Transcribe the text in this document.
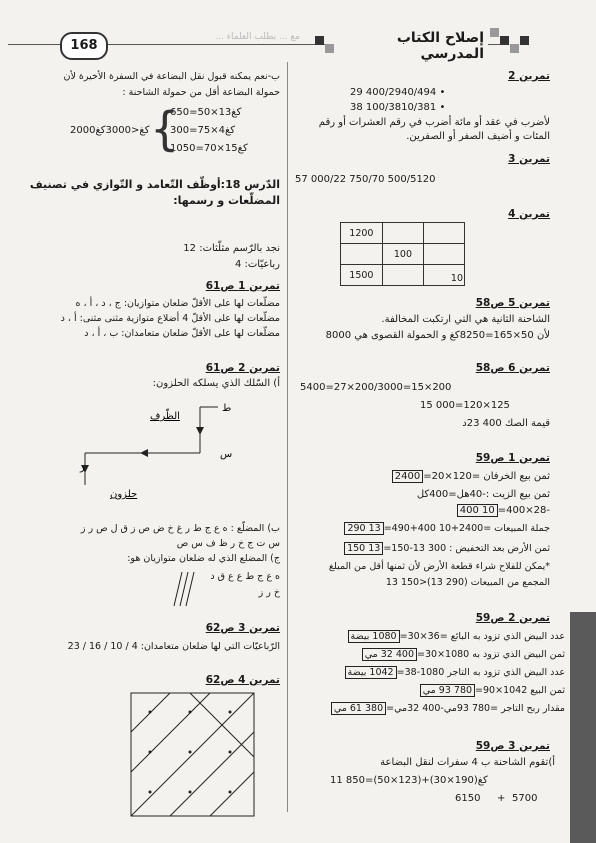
168
مع ... بطلب العلماء ...	إصلاح الكتاب المدرسي
تمرين 2
29 400/2940/494 •
38 100/3810/381 •
لأضرب في عقد أو مائة أضرب في رقم العشرات أو رقم
المئات و أضيف الصفر أو الصفرين.
تمرين 3
57 000/22 750/70 500/5120
تمرين 4
1200		
	100	
1500		10
تمرين 5 ص58
الشاحنة الثانية هي التي ارتكبت المخالفة.
لأن 50×165=8250كغ و الحمولة القصوى هي 8000
تمرين 6 ص58
5400=27×200/3000=15×200
15 000=120×125
قيمة الصك 400 23د
تمرين 1 ص59
ثمن بيع الخرفان =120×20=2400
ثمن بيع الزيت :-40هل=400كل
-28×400=10 400
جملة المبيعات =2400+10 400+490=13 290
ثمن الأرض بعد التخفيض : 300 13-150=13 150
*يمكن للفلاح شراء قطعة الأرض لأن ثمنها أقل من المبلغ
المجمع من المبيعات (290 13)<150 13
تمرين 2 ص59
عدد البيض الذي تزود به البائع =36×30=1080 بيضة
ثمن البيض الذي تزود به 1080×30=400 32 مي
عدد البيض الذي تزود به التاجر 1080-38=1042 بيضة
ثمن البيع 1042×90=780 93 مي
مقدار ربح التاجر =780 93مي-400 32مي=380 61 مي
تمرين 3 ص59
أ)تقوم الشاحنة ب 4 سفرات لنقل البضاعة
11 850=(50×123)+(30×190)كغ
6150	+ 5700
ب-نعم يمكنه قبول نقل البضاعة في السفرة الأخيرة لأن
حمولة البضاعة أقل من حمولة الشاحنة :
650=50×13كغ
300=75×4كغ
1050=70×15كغ
{
2000كغ<3000كغ
الدّرس 18:أوظّف التّعامد و التّوازي في تصنيف
المضلّعات و رسمها:
نجد بالرّسم مثلّثات: 12
رباعيّات: 4
تمرين 1 ص61
مضلّعات لها على الأقلّ ضلعان متوازيان: ج ، د ، أ ، ه
مضلّعات لها على الأقلّ 4 أضلاع متوازية مثنى مثنى: أ ، د
مضلّعات لها على الأقلّ ضلعان متعامدان: ب ، أ ، د
تمرين 2 ص61
أ) السّلك الذي يسلكه الحلزون:
ط
الظّرف
س
ر
حلزون
ب) المضلّع : ه ع ج ط ر غ خ ض ص ز ق ل ص ر ز
س ت ج خ ر ظ ف س ص
ج) المضلع الذي له ضلعان متوازيان هو:
ه ع ج ط ع ع ق د
خ ر ز
تمرين 3 ص62
الرّباعيّات التي لها ضلعان متعامدان: 4 / 10 / 16 / 23
تمرين 4 ص62
